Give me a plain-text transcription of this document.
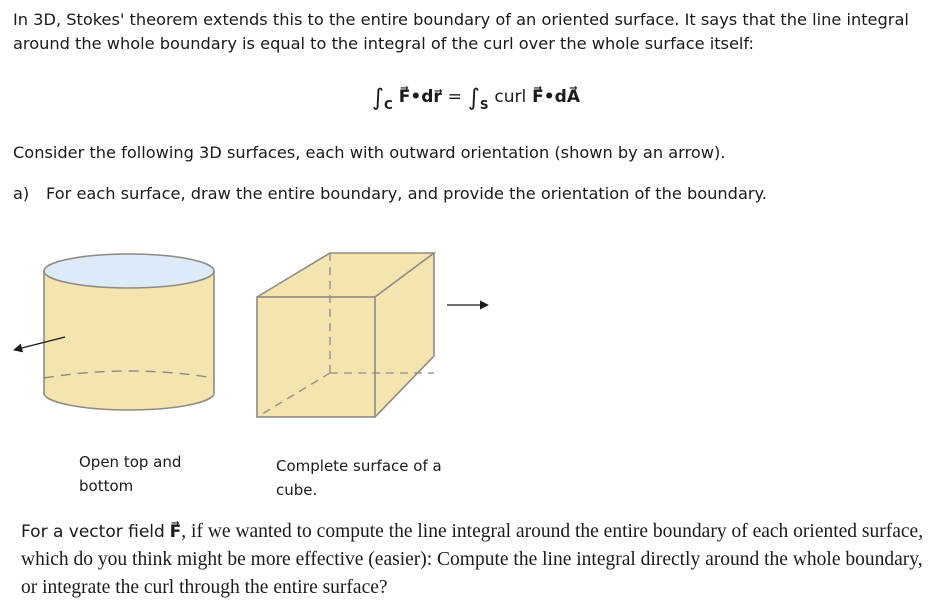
In 3D, Stokes' theorem extends this to the entire boundary of an oriented surface. It says that the line integral around the whole boundary is equal to the integral of the curl over the whole surface itself:

$\int_C$ F⃗•dr⃗ = $\int_S$ curl F⃗•dA⃗

Consider the following 3D surfaces, each with outward orientation (shown by an arrow).

a) For each surface, draw the entire boundary, and provide the orientation of the boundary.

Open top and bottom

Complete surface of a cube.

For a vector field F⃗, if we wanted to compute the line integral around the entire boundary of each oriented surface, which do you think might be more effective (easier): Compute the line integral directly around the whole boundary, or integrate the curl through the entire surface?
